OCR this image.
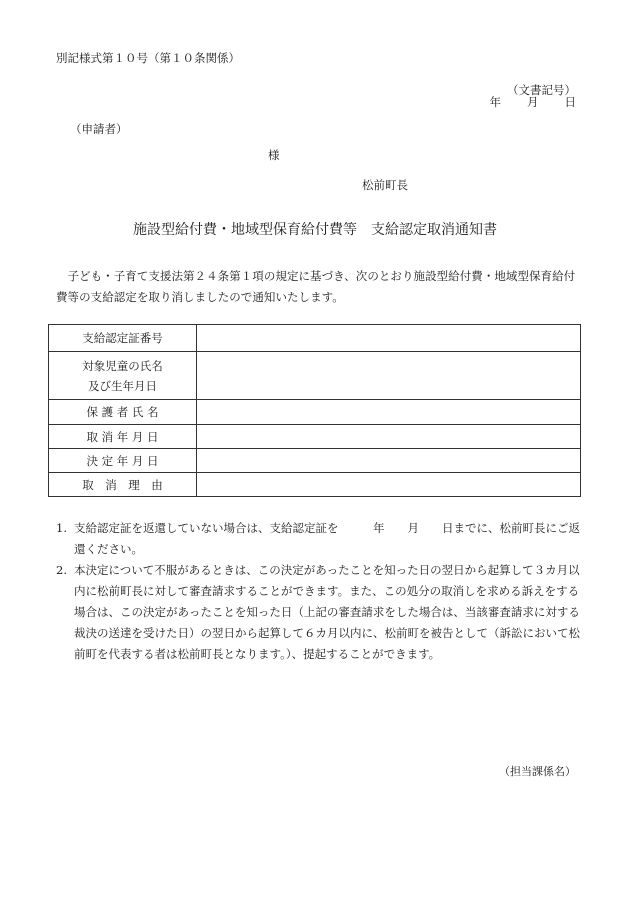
別記様式第１０号（第１０条関係）
（文書記号）
年 月 日
（申請者）
様
松前町長
施設型給付費・地域型保育給付費等　支給認定取消通知書
子ども・子育て支援法第２４条第１項の規定に基づき、次のとおり施設型給付費・地域型保育給付費等の支給認定を取り消しましたので通知いたします。
支給認定証番号	

対象児童の氏名
及び生年月日	

保 護 者 氏 名	
取 消 年 月 日	
決 定 年 月 日	
取　消　理　由	
1. 支給認定証を返還していない場合は、支給認定証を　　　年　　月　　日までに、松前町長にご返還ください。
2. 本決定について不服があるときは、この決定があったことを知った日の翌日から起算して３カ月以内に松前町長に対して審査請求することができます。また、この処分の取消しを求める訴えをする場合は、この決定があったことを知った日（上記の審査請求をした場合は、当該審査請求に対する裁決の送達を受けた日）の翌日から起算して６カ月以内に、松前町を被告として（訴訟において松前町を代表する者は松前町長となります。）、提起することができます。
（担当課係名）
